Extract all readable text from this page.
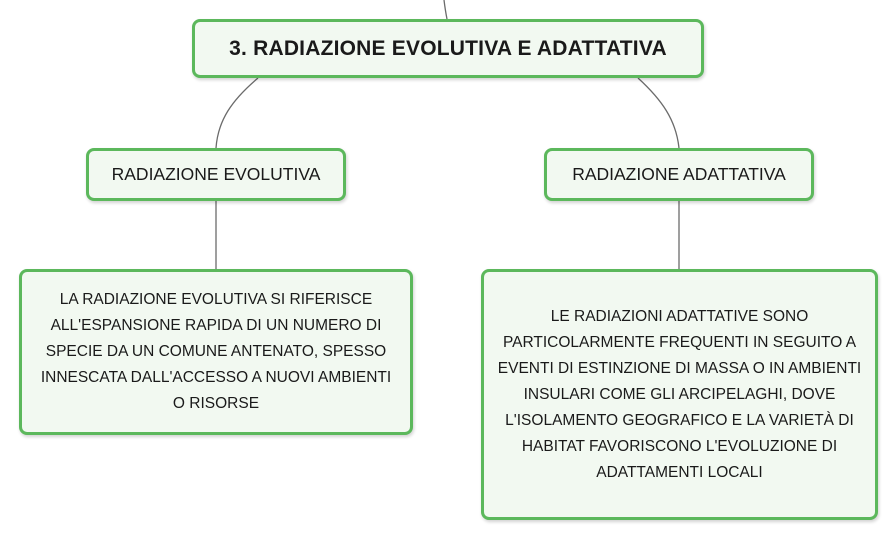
3. RADIAZIONE EVOLUTIVA E ADATTATIVA
RADIAZIONE EVOLUTIVA	RADIAZIONE ADATTATIVA
LA RADIAZIONE EVOLUTIVA SI RIFERISCE ALL'ESPANSIONE RAPIDA DI UN NUMERO DI SPECIE DA UN COMUNE ANTENATO, SPESSO INNESCATA DALL'ACCESSO A NUOVI AMBIENTI O RISORSE
LE RADIAZIONI ADATTATIVE SONO PARTICOLARMENTE FREQUENTI IN SEGUITO A EVENTI DI ESTINZIONE DI MASSA O IN AMBIENTI INSULARI COME GLI ARCIPELAGHI, DOVE L'ISOLAMENTO GEOGRAFICO E LA VARIETÀ DI HABITAT FAVORISCONO L'EVOLUZIONE DI ADATTAMENTI LOCALI
